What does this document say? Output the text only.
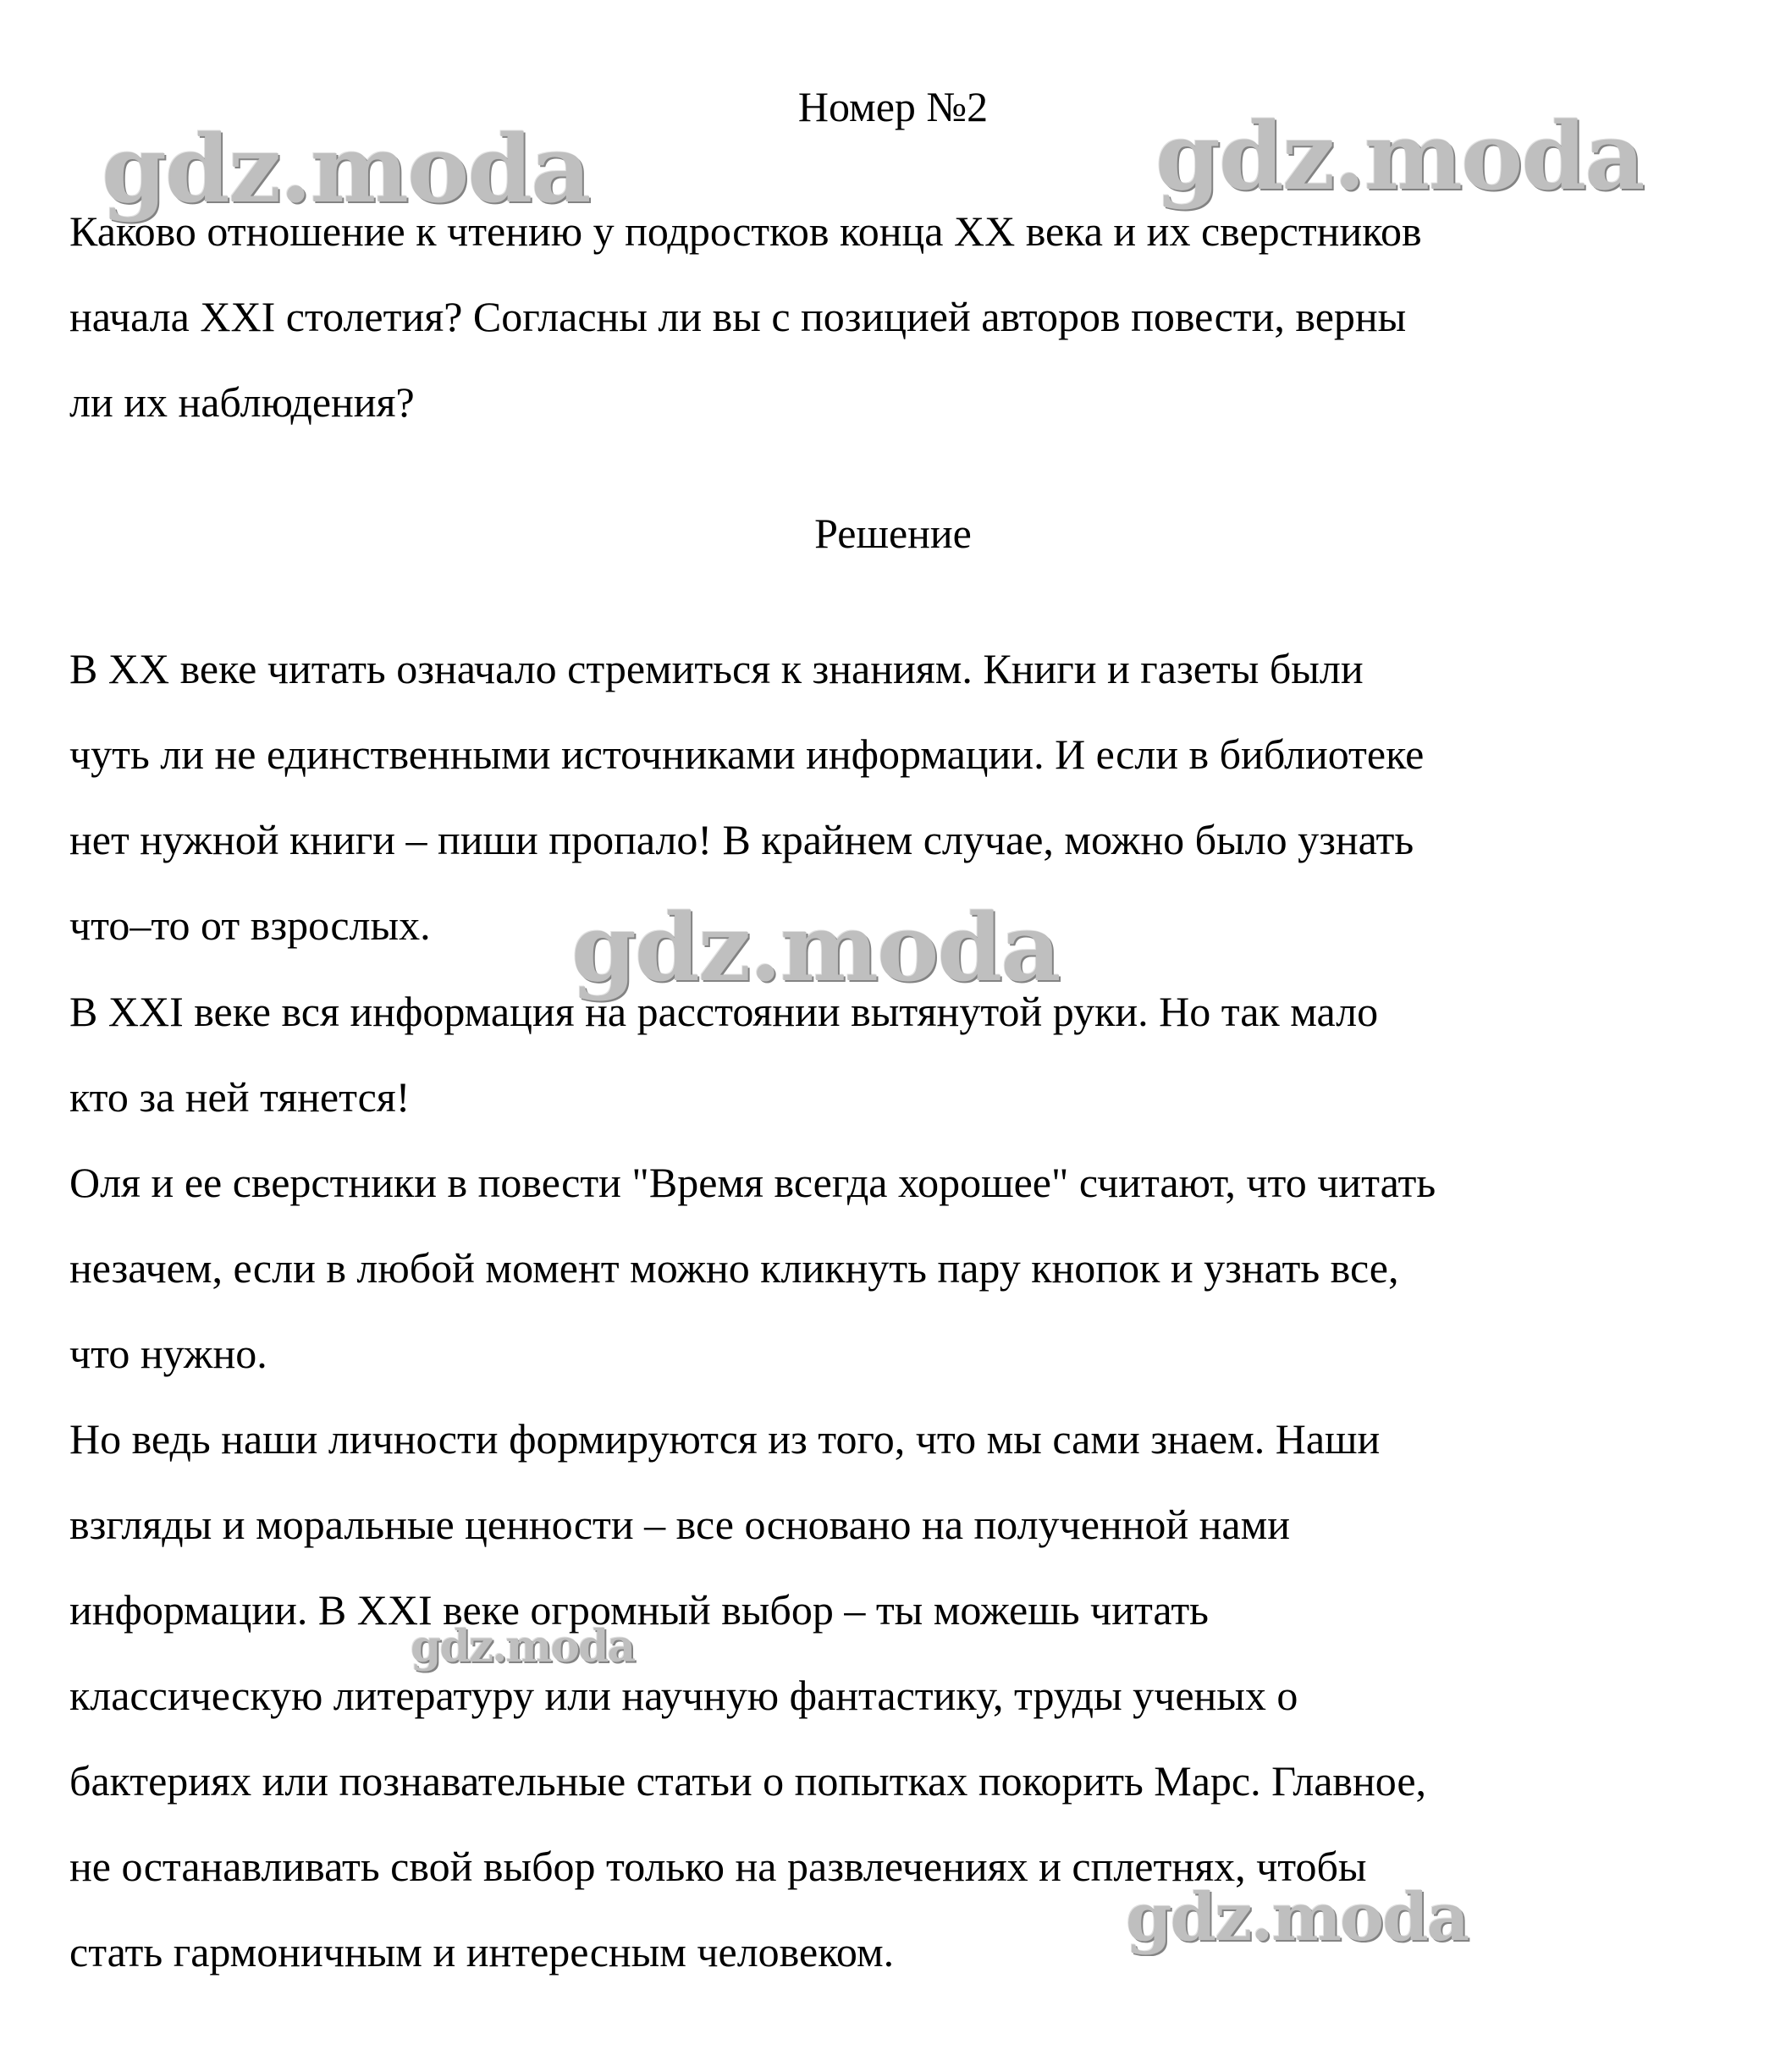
Номер №2
Каково отношение к чтению у подростков конца XX века и их сверстников
начала XXI столетия? Согласны ли вы с позицией авторов повести, верны
ли их наблюдения?
Решение
В XX веке читать означало стремиться к знаниям. Книги и газеты были
чуть ли не единственными источниками информации. И если в библиотеке
нет нужной книги – пиши пропало! В крайнем случае, можно было узнать
что–то от взрослых.
В XXI веке вся информация на расстоянии вытянутой руки. Но так мало
кто за ней тянется!
Оля и ее сверстники в повести "Время всегда хорошее" считают, что читать
незачем, если в любой момент можно кликнуть пару кнопок и узнать все,
что нужно.
Но ведь наши личности формируются из того, что мы сами знаем. Наши
взгляды и моральные ценности – все основано на полученной нами
информации. В XXI веке огромный выбор – ты можешь читать
классическую литературу или научную фантастику, труды ученых о
бактериях или познавательные статьи о попытках покорить Марс. Главное,
не останавливать свой выбор только на развлечениях и сплетнях, чтобы
стать гармоничным и интересным человеком.
gdz.moda	gdz.moda
gdz.moda
gdz.moda
gdz.moda
